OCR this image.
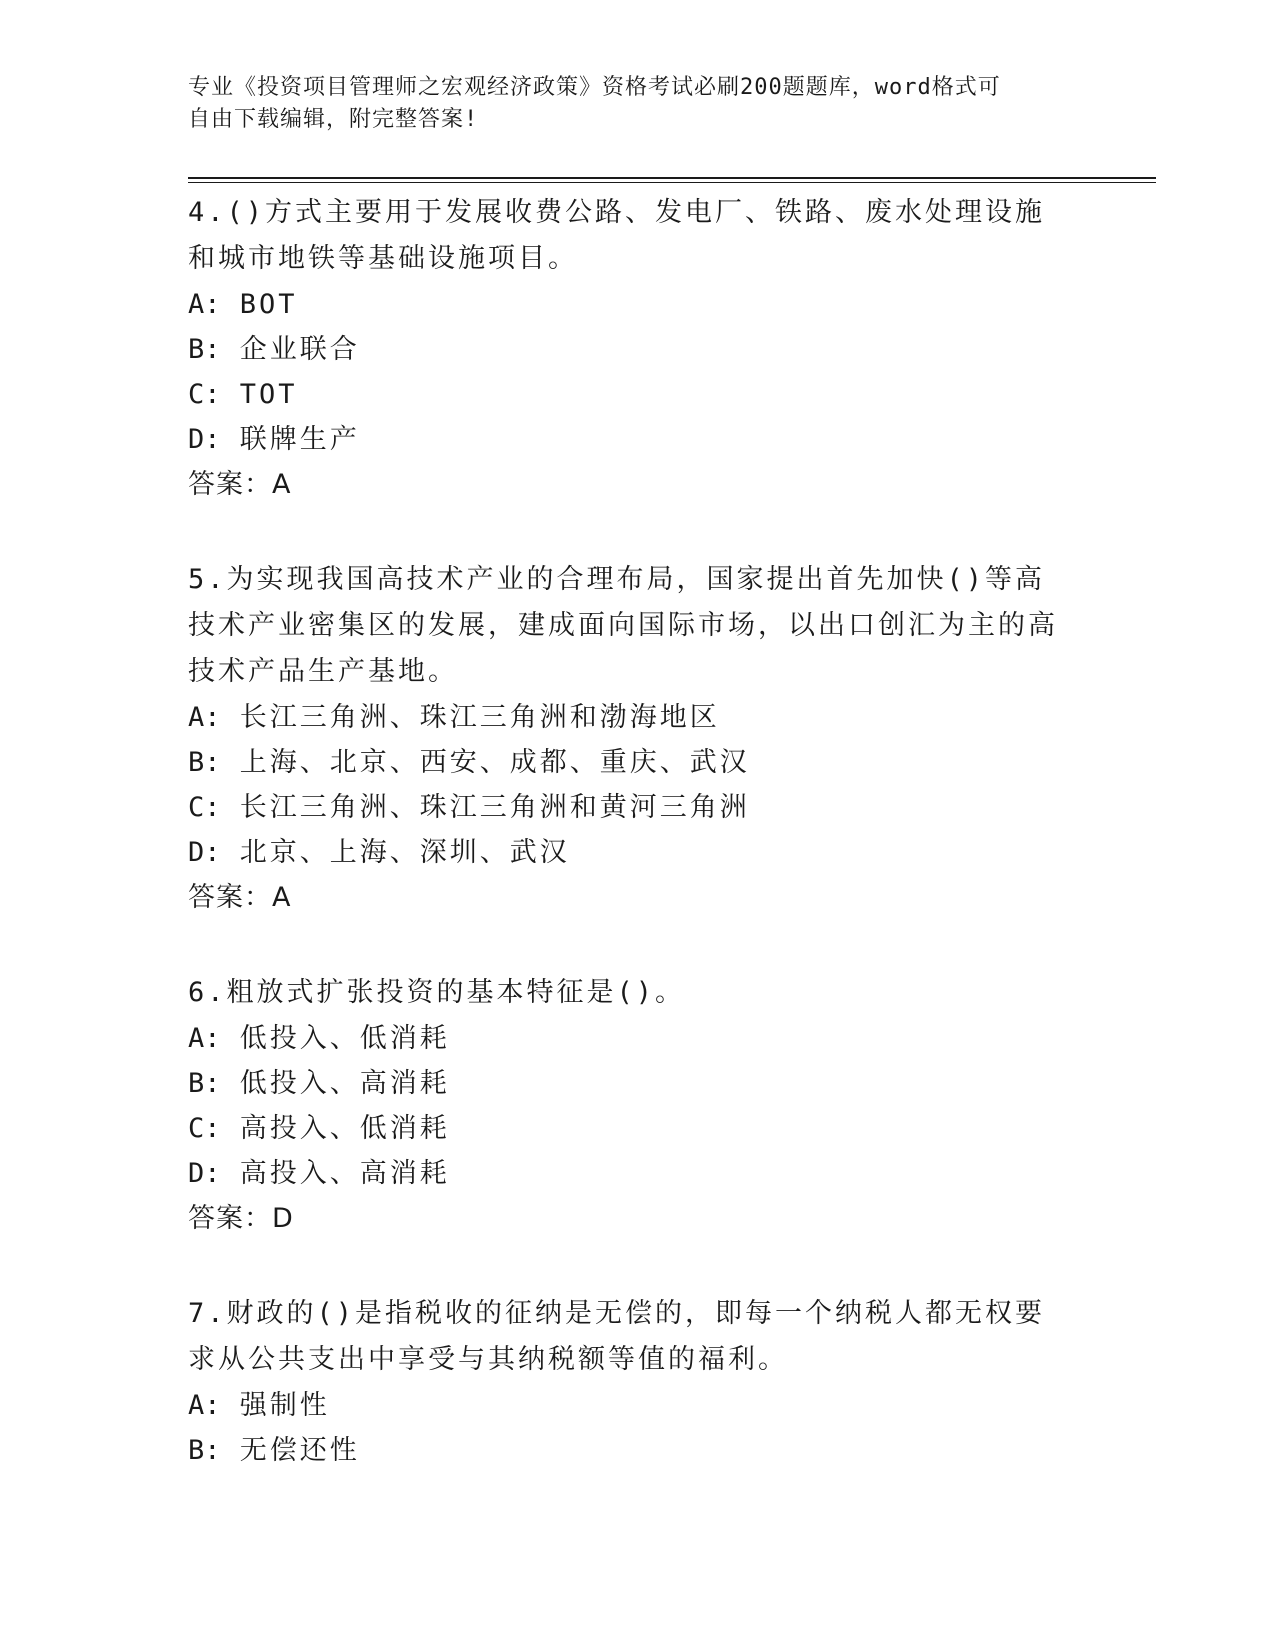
专业《投资项目管理师之宏观经济政策》资格考试必刷200题题库，word格式可
自由下载编辑，附完整答案!

4.()方式主要用于发展收费公路、发电厂、铁路、废水处理设施和城市地铁等基础设施项目。

A: BOT

B: 企业联合

C: TOT

D: 联牌生产

答案：A

5.为实现我国高技术产业的合理布局，国家提出首先加快()等高技术产业密集区的发展，建成面向国际市场，以出口创汇为主的高技术产品生产基地。

A: 长江三角洲、珠江三角洲和渤海地区

B: 上海、北京、西安、成都、重庆、武汉

C: 长江三角洲、珠江三角洲和黄河三角洲

D: 北京、上海、深圳、武汉

答案：A

6.粗放式扩张投资的基本特征是()。

A: 低投入、低消耗

B: 低投入、高消耗

C: 高投入、低消耗

D: 高投入、高消耗

答案：D

7.财政的()是指税收的征纳是无偿的，即每一个纳税人都无权要求从公共支出中享受与其纳税额等值的福利。

A: 强制性

B: 无偿还性
